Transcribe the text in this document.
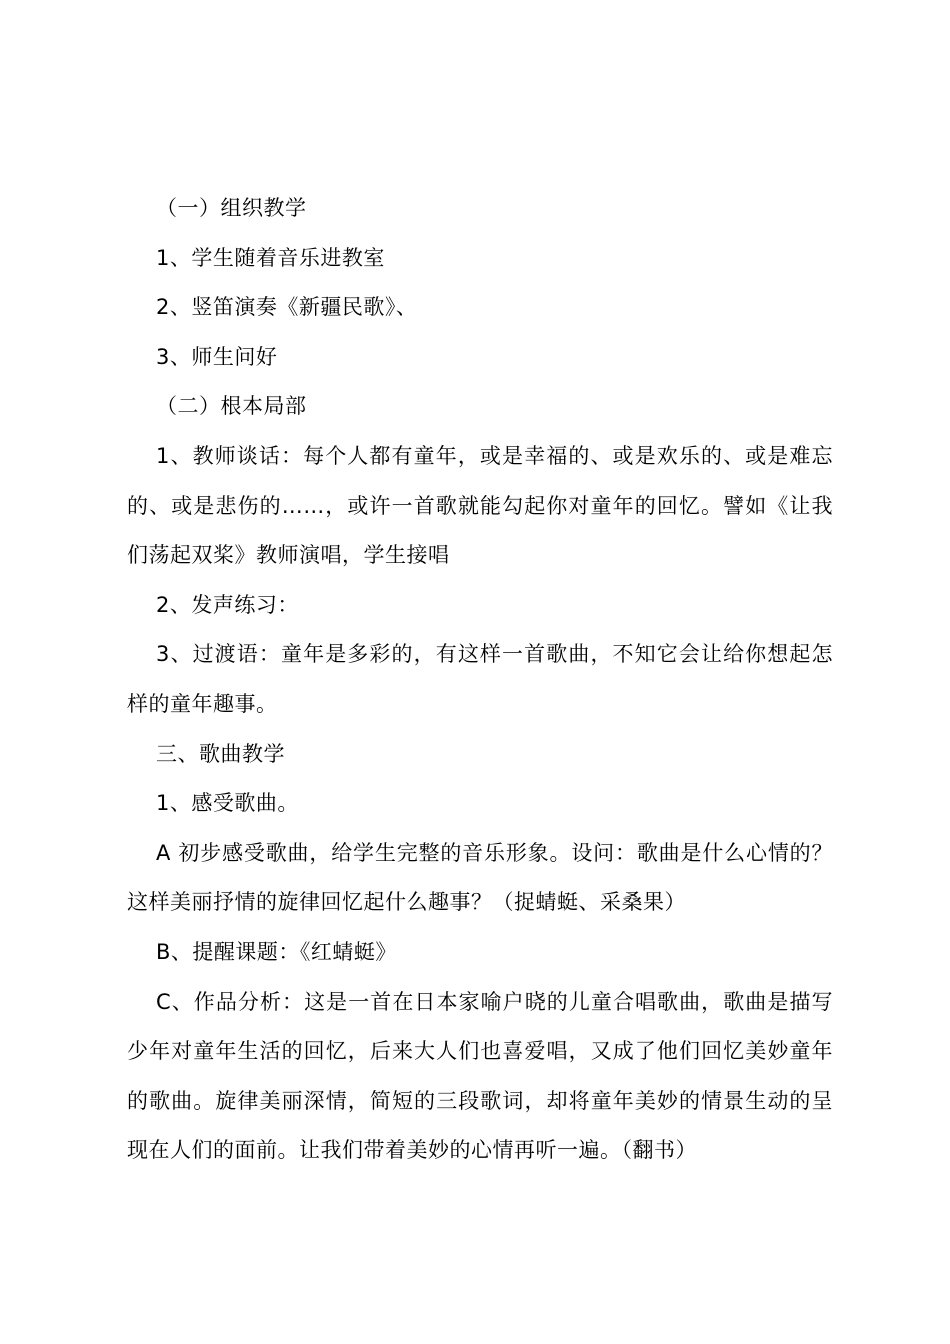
（一）组织教学

1、学生随着音乐进教室

2、竖笛演奏《新疆民歌》、

3、师生问好

（二）根本局部

1、教师谈话：每个人都有童年，或是幸福的、或是欢乐的、或是难忘的、或是悲伤的……，或许一首歌就能勾起你对童年的回忆。譬如《让我们荡起双桨》教师演唱，学生接唱

2、发声练习：

3、过渡语：童年是多彩的，有这样一首歌曲，不知它会让给你想起怎样的童年趣事。

三、歌曲教学

1、感受歌曲。

A 初步感受歌曲，给学生完整的音乐形象。设问：歌曲是什么心情的？这样美丽抒情的旋律回忆起什么趣事？（捉蜻蜓、采桑果）

B、提醒课题：《红蜻蜓》

C、作品分析：这是一首在日本家喻户晓的儿童合唱歌曲，歌曲是描写少年对童年生活的回忆，后来大人们也喜爱唱，又成了他们回忆美妙童年的歌曲。旋律美丽深情，简短的三段歌词，却将童年美妙的情景生动的呈现在人们的面前。让我们带着美妙的心情再听一遍。（翻书）
